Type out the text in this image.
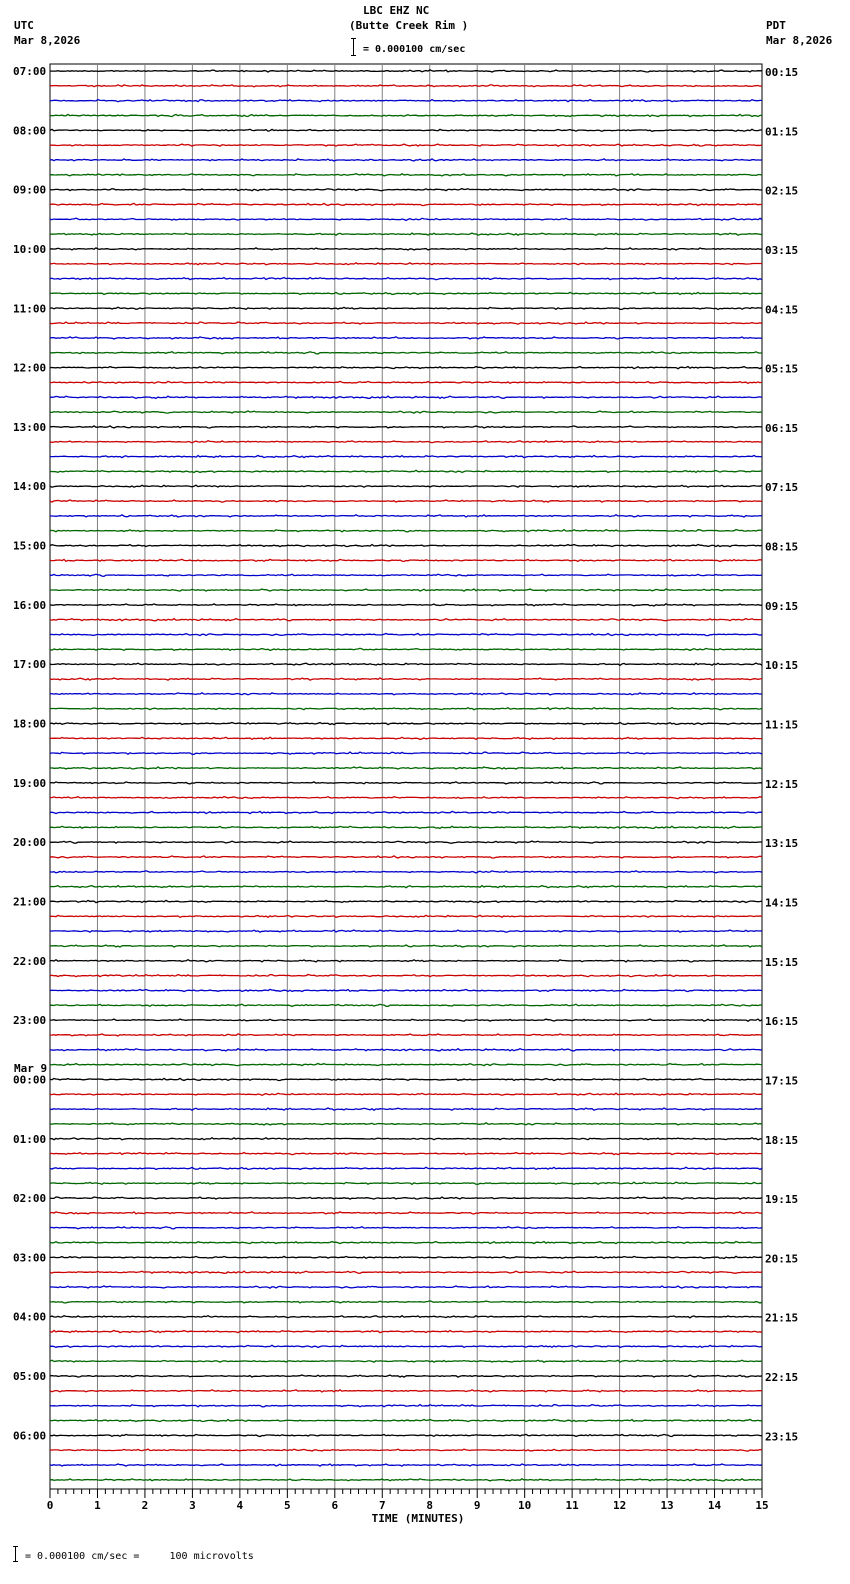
LBC EHZ NC
(Butte Creek Rim )
= 0.000100 cm/sec
UTC
Mar 8,2026
PDT
Mar 8,2026
0	1	2	3	4	5	6	7	8	9	10	11	12	13	14	15
07:00
08:00
09:00
10:00
11:00
12:00
13:00
14:00
15:00
16:00
17:00
18:00
19:00
20:00
21:00
22:00
23:00
00:00
01:00
02:00
03:00
04:00
05:00
06:00
00:15
01:15
02:15
03:15
04:15
05:15
06:15
07:15
08:15
09:15
10:15
11:15
12:15
13:15
14:15
15:15
16:15
17:15
18:15
19:15
20:15
21:15
22:15
23:15
TIME (MINUTES)
Mar 9
= 0.000100 cm/sec =     100 microvolts
